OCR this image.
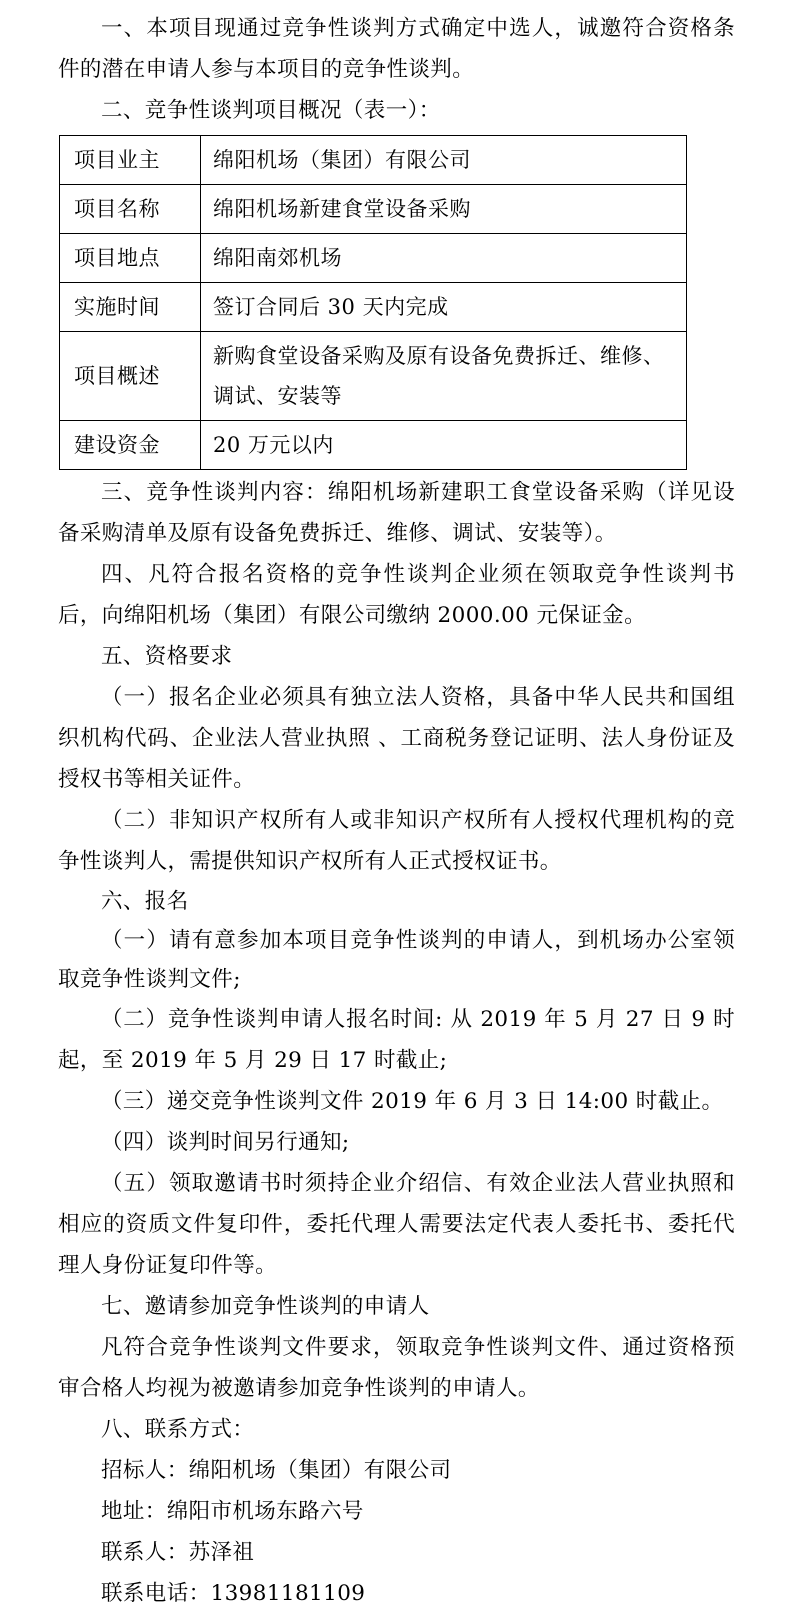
一、本项目现通过竞争性谈判方式确定中选人，诚邀符合资格条件的潜在申请人参与本项目的竞争性谈判。

二、竞争性谈判项目概况（表一）：

项目业主	绵阳机场（集团）有限公司
项目名称	绵阳机场新建食堂设备采购
项目地点	绵阳南郊机场
实施时间	签订合同后 30 天内完成
项目概述	新购食堂设备采购及原有设备免费拆迁、维修、调试、安装等
建设资金	20 万元以内

三、竞争性谈判内容：绵阳机场新建职工食堂设备采购（详见设备采购清单及原有设备免费拆迁、维修、调试、安装等）。

四、凡符合报名资格的竞争性谈判企业须在领取竞争性谈判书后，向绵阳机场（集团）有限公司缴纳 2000.00 元保证金。

五、资格要求

（一）报名企业必须具有独立法人资格，具备中华人民共和国组织机构代码、企业法人营业执照 、工商税务登记证明、法人身份证及授权书等相关证件。

（二）非知识产权所有人或非知识产权所有人授权代理机构的竞争性谈判人，需提供知识产权所有人正式授权证书。

六、报名

（一）请有意参加本项目竞争性谈判的申请人，到机场办公室领取竞争性谈判文件;

（二）竞争性谈判申请人报名时间: 从 2019 年 5 月 27 日 9 时起，至 2019 年 5 月 29 日 17 时截止;

（三）递交竞争性谈判文件 2019 年 6 月 3 日 14:00 时截止。

（四）谈判时间另行通知;

（五）领取邀请书时须持企业介绍信、有效企业法人营业执照和相应的资质文件复印件，委托代理人需要法定代表人委托书、委托代理人身份证复印件等。

七、邀请参加竞争性谈判的申请人

凡符合竞争性谈判文件要求，领取竞争性谈判文件、通过资格预审合格人均视为被邀请参加竞争性谈判的申请人。

八、联系方式：

招标人：绵阳机场（集团）有限公司

地址：绵阳市机场东路六号

联系人：苏泽祖

联系电话：13981181109
